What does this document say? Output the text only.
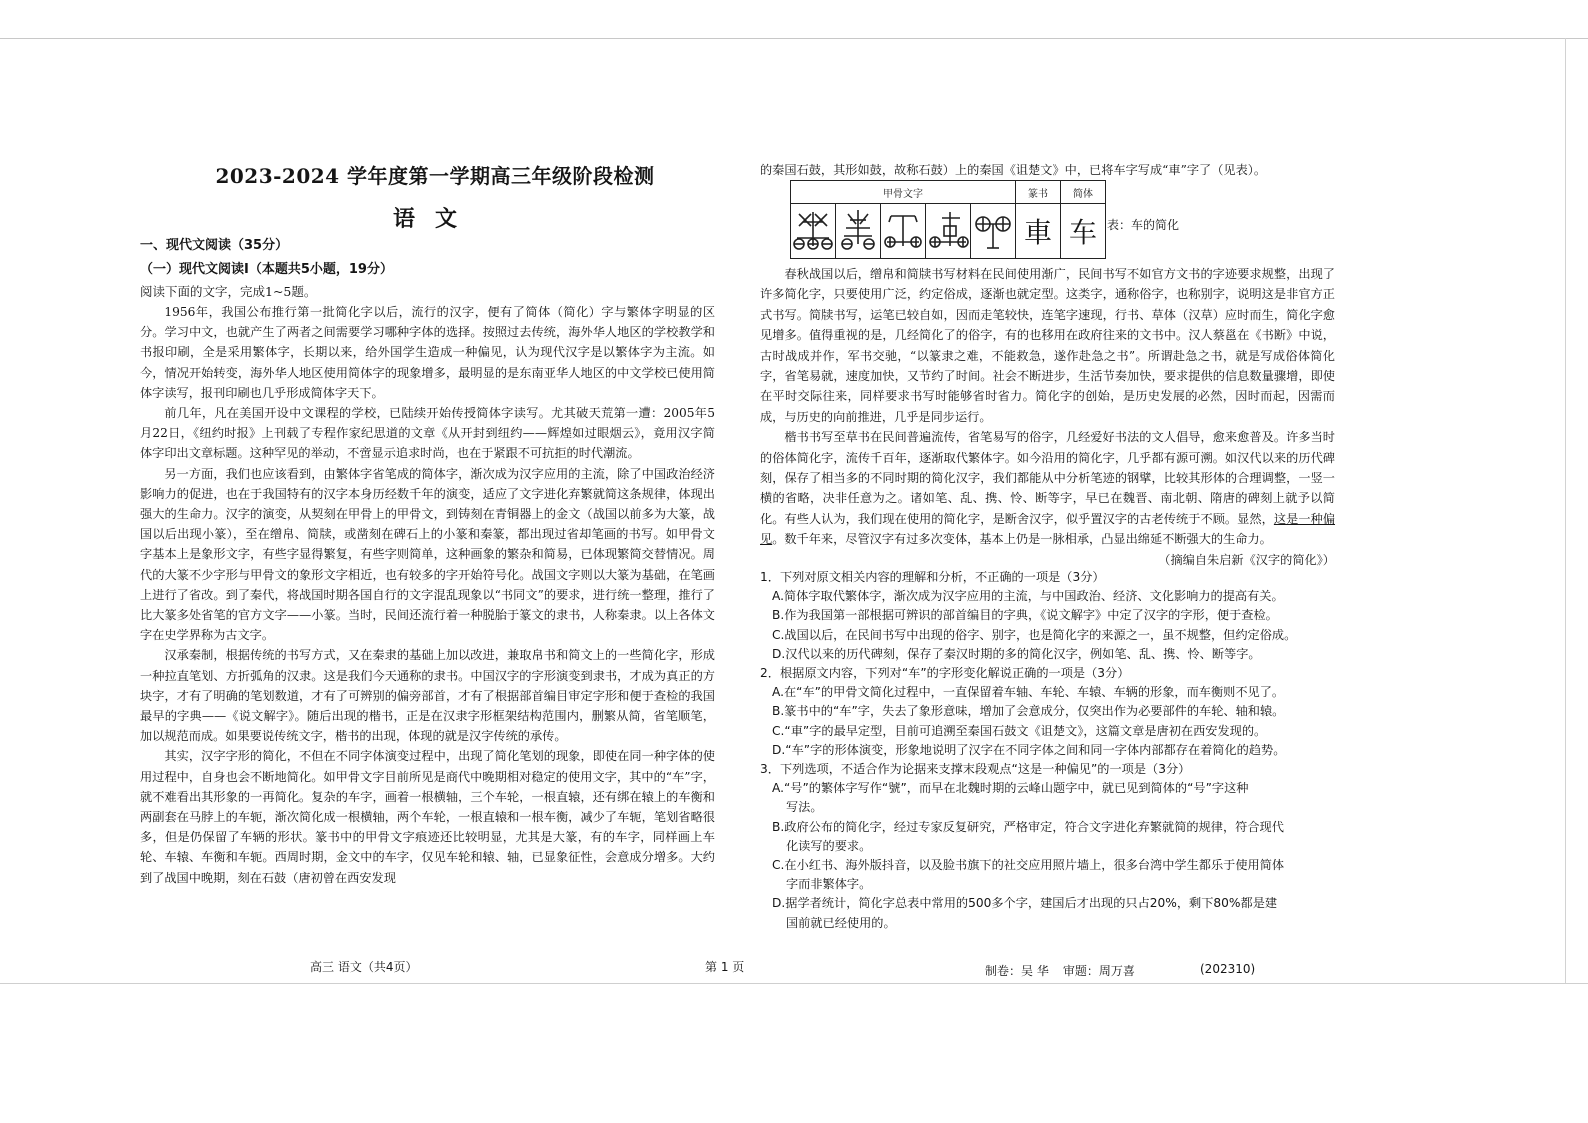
2023-2024 学年度第一学期高三年级阶段检测
语文
一、现代文阅读（35分）
（一）现代文阅读Ⅰ（本题共5小题，19分）
阅读下面的文字，完成1~5题。

1956年，我国公布推行第一批简化字以后，流行的汉字，便有了简体（简化）字与繁体字明显的区分。学习中文，也就产生了两者之间需要学习哪种字体的选择。按照过去传统，海外华人地区的学校教学和书报印刷，全是采用繁体字，长期以来，给外国学生造成一种偏见，认为现代汉字是以繁体字为主流。如今，情况开始转变，海外华人地区使用简体字的现象增多，最明显的是东南亚华人地区的中文学校已使用简体字读写，报刊印刷也几乎形成简体字天下。

前几年，凡在美国开设中文课程的学校，已陆续开始传授简体字读写。尤其破天荒第一遭：2005年5月22日，《纽约时报》上刊载了专程作家纪思道的文章《从开封到纽约——辉煌如过眼烟云》，竟用汉字简体字印出文章标题。这种罕见的举动，不啻显示追求时尚，也在于紧跟不可抗拒的时代潮流。

另一方面，我们也应该看到，由繁体字省笔成的简体字，渐次成为汉字应用的主流，除了中国政治经济影响力的促进，也在于我国特有的汉字本身历经数千年的演变，适应了文字进化弃繁就简这条规律，体现出强大的生命力。汉字的演变，从契刻在甲骨上的甲骨文，到铸刻在青铜器上的金文（战国以前多为大篆，战国以后出现小篆），至在缯帛、简牍，或凿刻在碑石上的小篆和秦篆，都出现过省却笔画的书写。如甲骨文字基本上是象形文字，有些字显得繁复，有些字则简单，这种画象的繁杂和简易，已体现繁简交替情况。周代的大篆不少字形与甲骨文的象形文字相近，也有较多的字开始符号化。战国文字则以大篆为基础，在笔画上进行了省改。到了秦代，将战国时期各国自行的文字混乱现象以“书同文”的要求，进行统一整理，推行了比大篆多处省笔的官方文字——小篆。当时，民间还流行着一种脱胎于篆文的隶书，人称秦隶。以上各体文字在史学界称为古文字。

汉承秦制，根据传统的书写方式，又在秦隶的基础上加以改进，兼取帛书和简文上的一些简化字，形成一种拉直笔划、方折弧角的汉隶。这是我们今天通称的隶书。中国汉字的字形演变到隶书，才成为真正的方块字，才有了明确的笔划数道，才有了可辨别的偏旁部首，才有了根据部首编目审定字形和便于查检的我国最早的字典——《说文解字》。随后出现的楷书，正是在汉隶字形框架结构范围内，删繁从简，省笔顺笔，加以规范而成。如果要说传统文字，楷书的出现，体现的就是汉字传统的承传。

其实，汉字字形的简化，不但在不同字体演变过程中，出现了简化笔划的现象，即使在同一种字体的使用过程中，自身也会不断地简化。如甲骨文字目前所见是商代中晚期相对稳定的使用文字，其中的“车”字，就不难看出其形象的一再简化。复杂的车字，画着一根横轴，三个车轮，一根直辕，还有绑在辕上的车衡和两副套在马脖上的车轭，渐次简化成一根横轴，两个车轮，一根直辕和一根车衡，减少了车轭，笔划省略很多，但是仍保留了车辆的形状。篆书中的甲骨文字痕迹还比较明显，尤其是大篆，有的车字，同样画上车轮、车辕、车衡和车轭。西周时期，金文中的车字，仅见车轮和辕、轴，已显象征性，会意成分增多。大约到了战国中晚期，刻在石鼓（唐初曾在西安发现

的秦国石鼓，其形如鼓，故称石鼓）上的秦国《诅楚文》中，已将车字写成“車”字了（见表）。

甲骨文字					篆书	简体
					車	车 表：车的简化

春秋战国以后，缯帛和简牍书写材料在民间使用渐广，民间书写不如官方文书的字迹要求规整，出现了许多简化字，只要使用广泛，约定俗成，逐渐也就定型。这类字，通称俗字，也称别字，说明这是非官方正式书写。简牍书写，运笔已较自如，因而走笔较快，连笔字速现，行书、草体（汉草）应时而生，简化字愈见增多。值得重视的是，几经简化了的俗字，有的也移用在政府往来的文书中。汉人蔡邕在《书断》中说，古时战成并作，军书交驰，“以篆隶之难，不能救急，遂作赴急之书”。所谓赴急之书，就是写成俗体简化字，省笔易就，速度加快，又节约了时间。社会不断进步，生活节奏加快，要求提供的信息数量骤增，即使在平时交际往来，同样要求书写时能够省时省力。简化字的创始，是历史发展的必然，因时而起，因需而成，与历史的向前推进，几乎是同步运行。

楷书书写至草书在民间普遍流传，省笔易写的俗字，几经爱好书法的文人倡导，愈来愈普及。许多当时的俗体简化字，流传千百年，逐渐取代繁体字。如今沿用的简化字，几乎都有源可溯。如汉代以来的历代碑刻，保存了相当多的不同时期的简化汉字，我们都能从中分析笔迹的钢擘，比较其形体的合理调整，一竖一横的省略，决非任意为之。诸如笔、乱、携、怜、断等字，早已在魏晋、南北朝、隋唐的碑刻上就予以简化。有些人认为，我们现在使用的简化字，是断舍汉字，似乎置汉字的古老传统于不顾。显然，这是一种偏见。数千年来，尽管汉字有过多次变体，基本上仍是一脉相承，凸显出绵延不断强大的生命力。

（摘编自朱启新《汉字的简化》）

1．下列对原文相关内容的理解和分析，不正确的一项是（3分）

A.简体字取代繁体字，渐次成为汉字应用的主流，与中国政治、经济、文化影响力的提高有关。

B.作为我国第一部根据可辨识的部首编目的字典，《说文解字》中定了汉字的字形，便于查检。

C.战国以后，在民间书写中出现的俗字、别字，也是简化字的来源之一，虽不规整，但约定俗成。

D.汉代以来的历代碑刻，保存了秦汉时期的多的简化汉字，例如笔、乱、携、怜、断等字。

2．根据原文内容，下列对“车”的字形变化解说正确的一项是（3分）

A.在“车”的甲骨文简化过程中，一直保留着车轴、车轮、车辕、车辆的形象，而车衡则不见了。

B.篆书中的“车”字，失去了象形意味，增加了会意成分，仅突出作为必要部件的车轮、轴和辕。

C.“車”字的最早定型，目前可追溯至秦国石鼓文《诅楚文》，这篇文章是唐初在西安发现的。

D.“车”字的形体演变，形象地说明了汉字在不同字体之间和同一字体内部都存在着简化的趋势。

3．下列选项，不适合作为论据来支撑末段观点“这是一种偏见”的一项是（3分）

A.“号”的繁体字写作“號”，而早在北魏时期的云峰山题字中，就已见到简体的“号”字这种

写法。

B.政府公布的简化字，经过专家反复研究，严格审定，符合文字进化弃繁就简的规律，符合现代

化读写的要求。

C.在小红书、海外版抖音，以及脸书旗下的社交应用照片墙上，很多台湾中学生都乐于使用简体

字而非繁体字。

D.据学者统计，简化字总表中常用的500多个字，建国后才出现的只占20%，剩下80%都是建

国前就已经使用的。

高三 语文（共4页）	第 1 页	制卷：吴 华 审题：周万喜	(202310)
